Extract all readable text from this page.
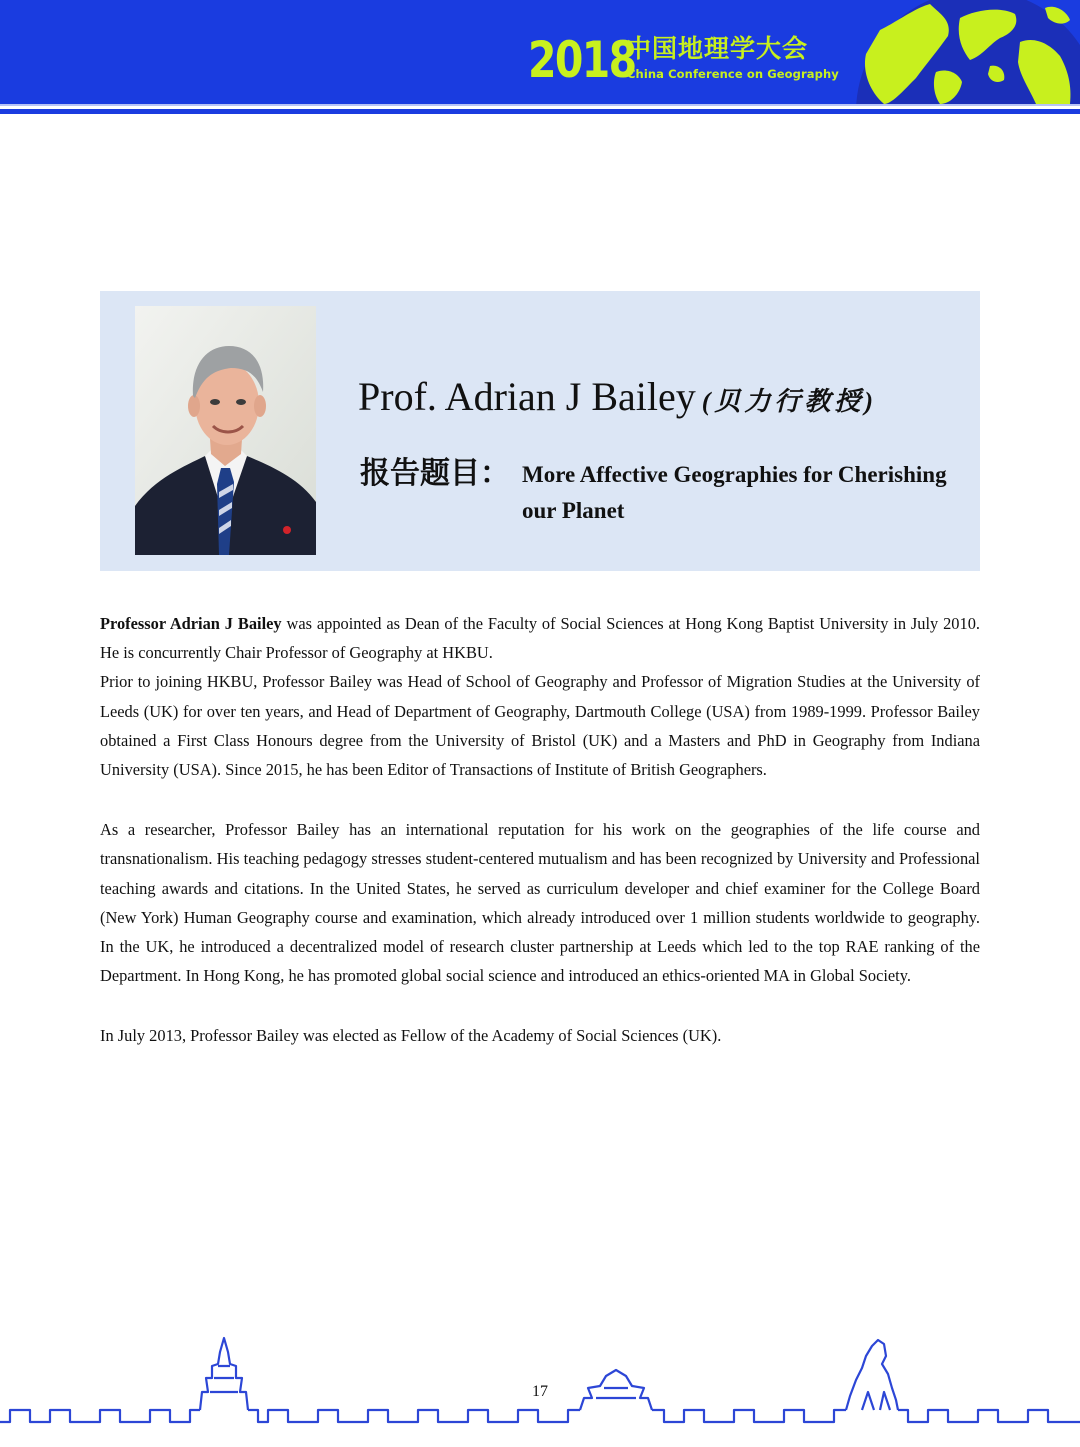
2018
中国地理学大会
China Conference on Geography
Prof. Adrian J Bailey (贝力行教授)
报告题目： More Affective Geographies for Cherishing our Planet

Professor Adrian J Bailey was appointed as Dean of the Faculty of Social Sciences at Hong Kong Baptist University in July 2010. He is concurrently Chair Professor of Geography at HKBU.

Prior to joining HKBU, Professor Bailey was Head of School of Geography and Professor of Migration Studies at the University of Leeds (UK) for over ten years, and Head of Department of Geography, Dartmouth College (USA) from 1989-1999. Professor Bailey obtained a First Class Honours degree from the University of Bristol (UK) and a Masters and PhD in Geography from Indiana University (USA). Since 2015, he has been Editor of Transactions of Institute of British Geographers.

As a researcher, Professor Bailey has an international reputation for his work on the geographies of the life course and transnationalism. His teaching pedagogy stresses student-centered mutualism and has been recognized by University and Professional teaching awards and citations. In the United States, he served as curriculum developer and chief examiner for the College Board (New York) Human Geography course and examination, which already introduced over 1 million students worldwide to geography. In the UK, he introduced a decentralized model of research cluster partnership at Leeds which led to the top RAE ranking of the Department. In Hong Kong, he has promoted global social science and introduced an ethics-oriented MA in Global Society.

In July 2013, Professor Bailey was elected as Fellow of the Academy of Social Sciences (UK).

17
